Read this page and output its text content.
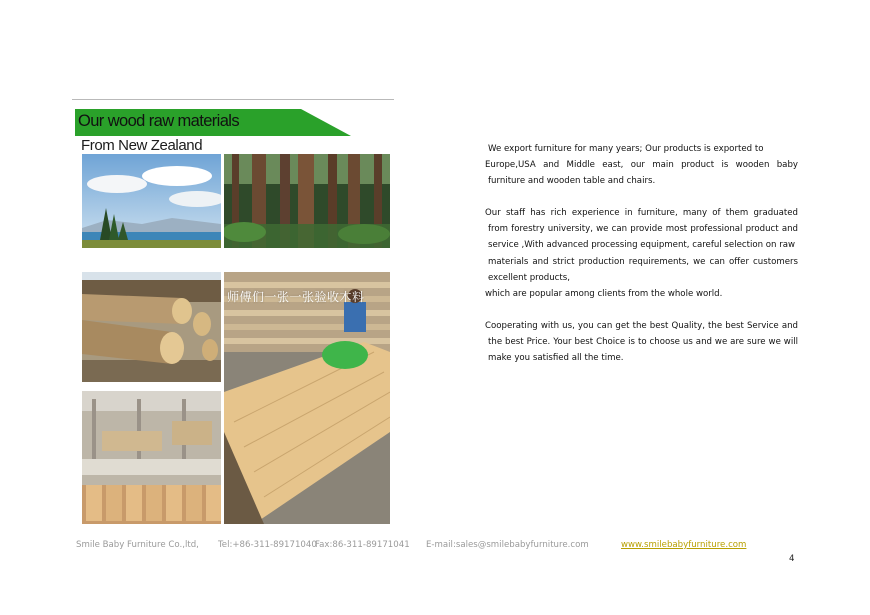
Our wood raw materials
From New Zealand
师傅们一张一张验收木料
We export furniture for many years; Our products is exported to
Europe,USA and Middle east, our main product is wooden baby
furniture and wooden table and chairs.
Our staff has rich experience in furniture, many of them graduated
from forestry university, we can provide most professional product and
service ,With advanced processing equipment, careful selection on raw
materials and strict production requirements, we can offer customers
excellent products,
which are popular among clients from the whole world.
Cooperating with us, you can get the best Quality, the best Service and
the best Price. Your best Choice is to choose us and we are sure we will
make you satisfied all the time.
Smile Baby Furniture Co.,ltd, Tel:+86-311-89171040
Fax:86-311-89171041 E-mail:sales@smilebabyfurniture.com	www.smilebabyfurniture.com
4
